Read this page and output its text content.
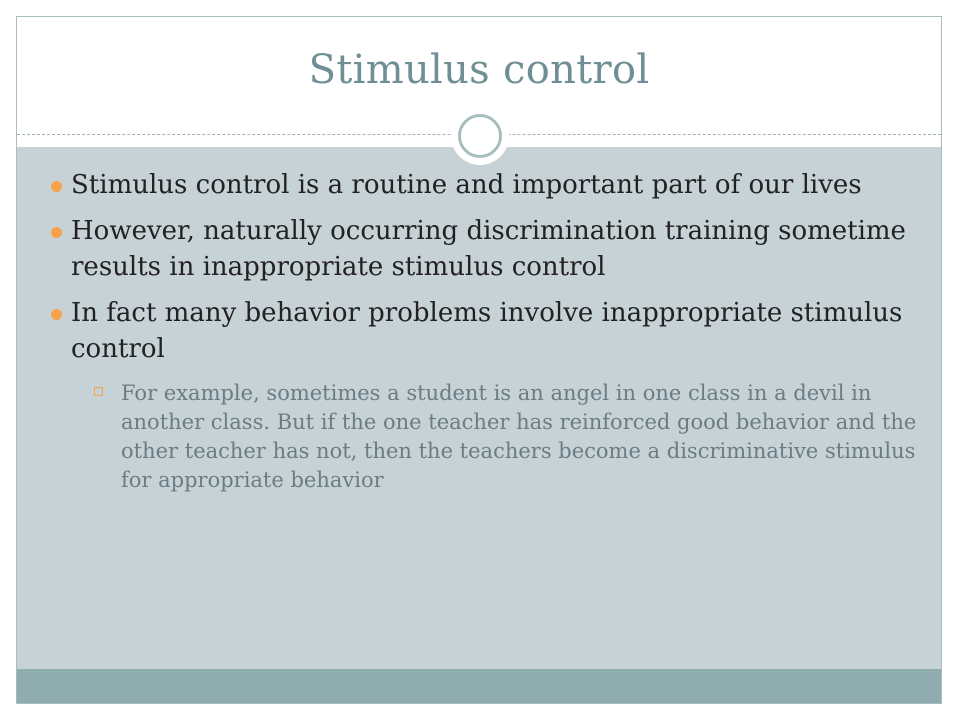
Stimulus control
Stimulus control is a routine and important part of our lives
However, naturally occurring discrimination training sometime results in inappropriate stimulus control
In fact many behavior problems involve inappropriate stimulus control
For example, sometimes a student is an angel in one class in a devil in another class. But if the one teacher has reinforced good behavior and the other teacher has not, then the teachers become a discriminative stimulus for appropriate behavior
